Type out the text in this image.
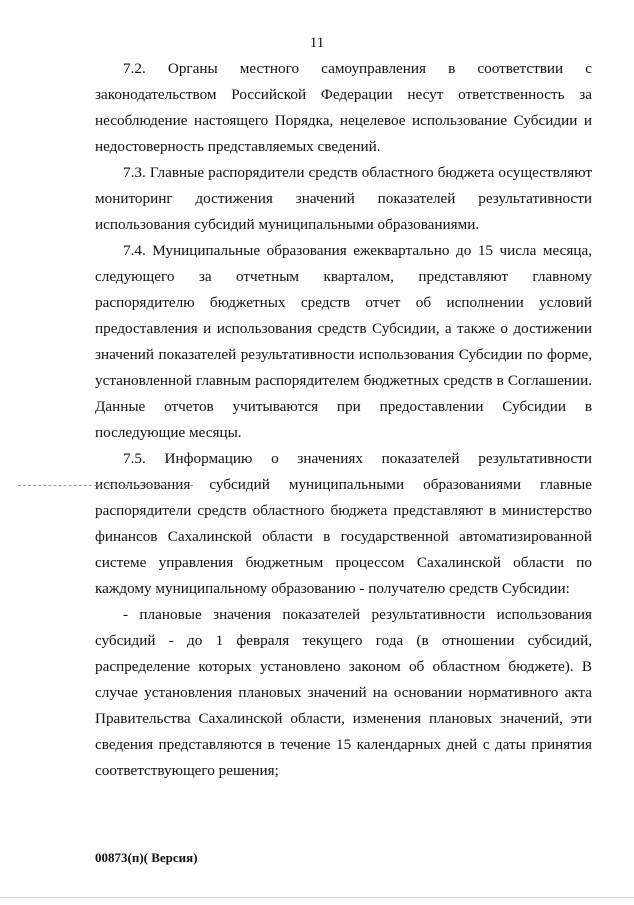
11

7.2. Органы местного самоуправления в соответствии с законодательством Российской Федерации несут ответственность за несоблюдение настоящего Порядка, нецелевое использование Субсидии и недостоверность представляемых сведений.

7.3. Главные распорядители средств областного бюджета осуществляют мониторинг достижения значений показателей результативности использования субсидий муниципальными образованиями.

7.4. Муниципальные образования ежеквартально до 15 числа месяца, следующего за отчетным кварталом, представляют главному распорядителю бюджетных средств отчет об исполнении условий предоставления и использования средств Субсидии, а также о достижении значений показателей результативности использования Субсидии по форме, установленной главным распорядителем бюджетных средств в Соглашении. Данные отчетов учитываются при предоставлении Субсидии в последующие месяцы.

7.5. Информацию о значениях показателей результативности использования субсидий муниципальными образованиями главные распорядители средств областного бюджета представляют в министерство финансов Сахалинской области в государственной автоматизированной системе управления бюджетным процессом Сахалинской области по каждому муниципальному образованию - получателю средств Субсидии:

- плановые значения показателей результативности использования субсидий - до 1 февраля текущего года (в отношении субсидий, распределение которых установлено законом об областном бюджете). В случае установления плановых значений на основании нормативного акта Правительства Сахалинской области, изменения плановых значений, эти сведения представляются в течение 15 календарных дней с даты принятия соответствующего решения;

00873(п)( Версия)
